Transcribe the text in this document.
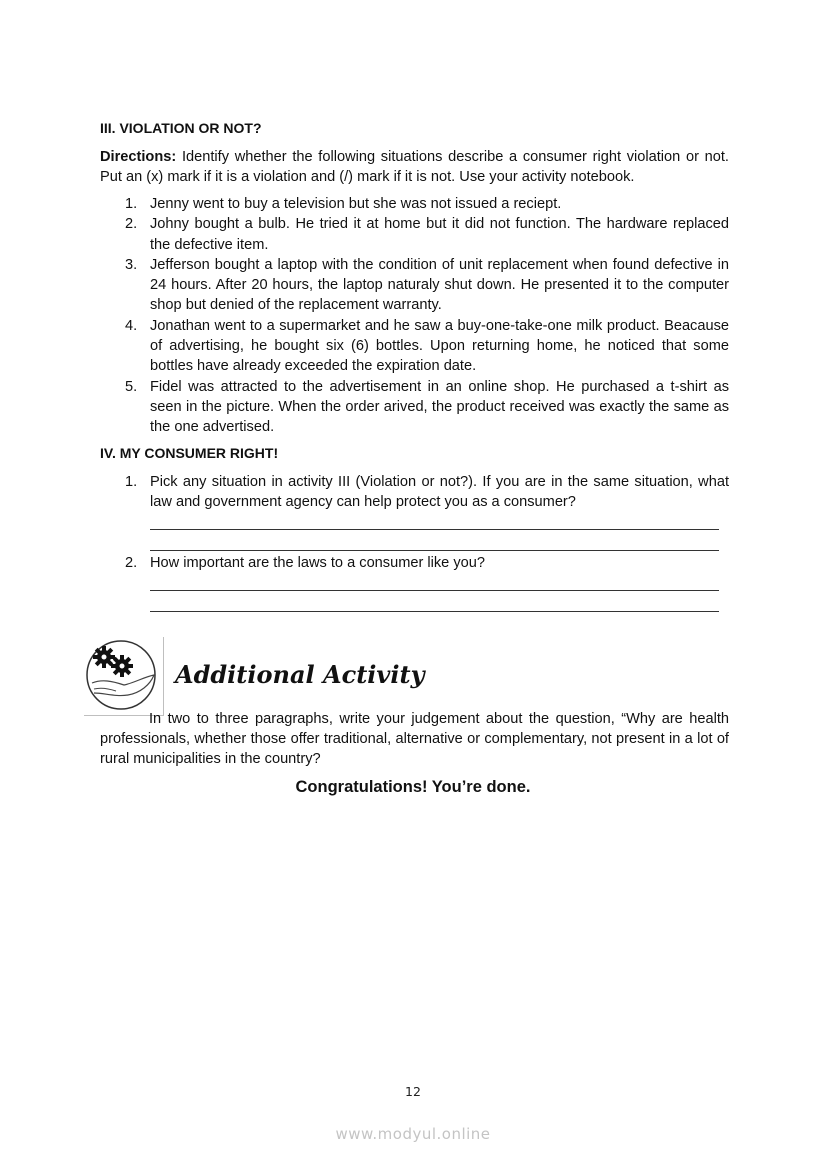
III. VIOLATION OR NOT?
Directions: Identify whether the following situations describe a consumer right violation or not. Put an (x) mark if it is a violation and (/) mark if it is not. Use your activity notebook.
1. Jenny went to buy a television but she was not issued a reciept.
2. Johny bought a bulb. He tried it at home but it did not function. The hardware replaced the defective item.
3. Jefferson bought a laptop with the condition of unit replacement when found defective in 24 hours. After 20 hours, the laptop naturaly shut down. He presented it to the computer shop but denied of the replacement warranty.
4. Jonathan went to a supermarket and he saw a buy-one-take-one milk product. Beacause of advertising, he bought six (6) bottles. Upon returning home, he noticed that some bottles have already exceeded the expiration date.
5. Fidel was attracted to the advertisement in an online shop. He purchased a t-shirt as seen in the picture. When the order arived, the product received was exactly the same as the one advertised.
IV. MY CONSUMER RIGHT!
1. Pick any situation in activity III (Violation or not?). If you are in the same situation, what law and government agency can help protect you as a consumer?
2. How important are the laws to a consumer like you?
Additional Activity
In two to three paragraphs, write your judgement about the question, “Why are health professionals, whether those offer traditional, alternative or complementary, not present in a lot of rural municipalities in the country?
Congratulations! You’re done.
12
www.modyul.online
